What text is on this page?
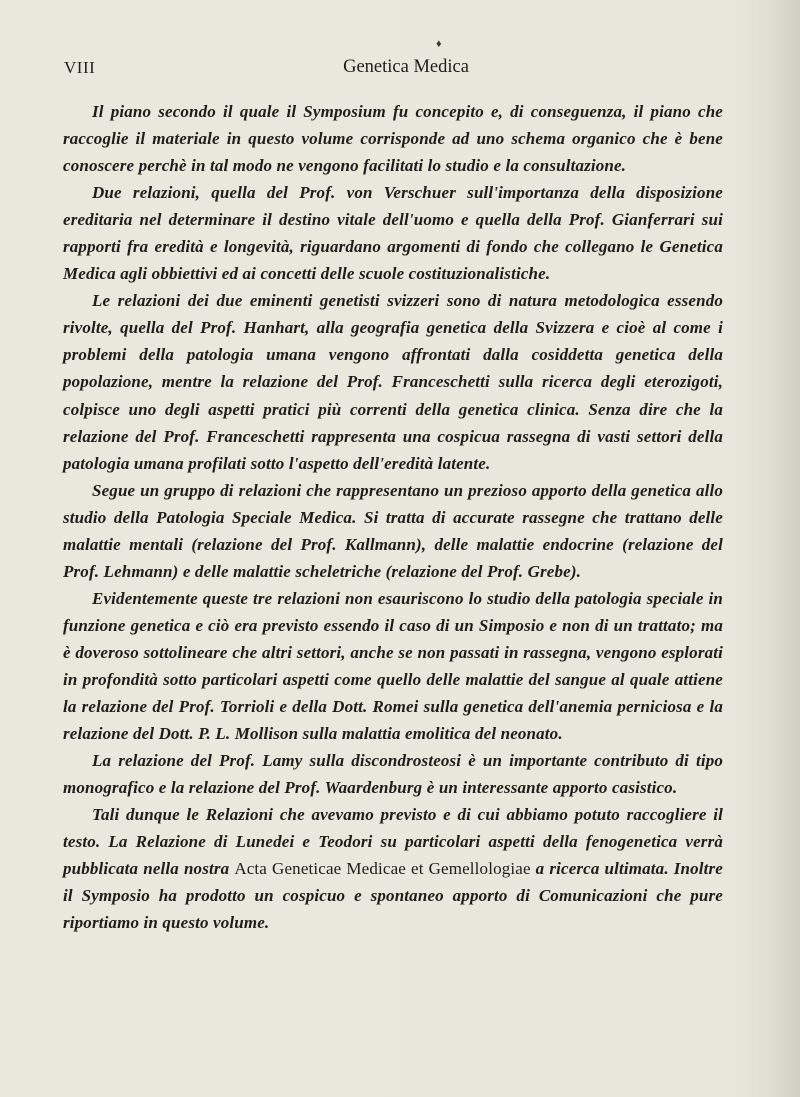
♦
VIII	Genetica Medica

Il piano secondo il quale il Symposium fu concepito e, di conseguenza, il piano che raccoglie il materiale in questo volume corrisponde ad uno schema organico che è bene conoscere perchè in tal modo ne vengono facilitati lo studio e la consultazione.

Due relazioni, quella del Prof. von Verschuer sull'importanza della disposizione ereditaria nel determinare il destino vitale dell'uomo e quella della Prof. Gianferrari sui rapporti fra eredità e longevità, riguardano argomenti di fondo che collegano le Genetica Medica agli obbiettivi ed ai concetti delle scuole costituzionalistiche.

Le relazioni dei due eminenti genetisti svizzeri sono di natura metodologica essendo rivolte, quella del Prof. Hanhart, alla geografia genetica della Svizzera e cioè al come i problemi della patologia umana vengono affrontati dalla cosiddetta genetica della popolazione, mentre la relazione del Prof. Franceschetti sulla ricerca degli eterozigoti, colpisce uno degli aspetti pratici più correnti della genetica clinica. Senza dire che la relazione del Prof. Franceschetti rappresenta una cospicua rassegna di vasti settori della patologia umana profilati sotto l'aspetto dell'eredità latente.

Segue un gruppo di relazioni che rappresentano un prezioso apporto della genetica allo studio della Patologia Speciale Medica. Si tratta di accurate rassegne che trattano delle malattie mentali (relazione del Prof. Kallmann), delle malattie endocrine (relazione del Prof. Lehmann) e delle malattie scheletriche (relazione del Prof. Grebe).

Evidentemente queste tre relazioni non esauriscono lo studio della patologia speciale in funzione genetica e ciò era previsto essendo il caso di un Simposio e non di un trattato; ma è doveroso sottolineare che altri settori, anche se non passati in rassegna, vengono esplorati in profondità sotto particolari aspetti come quello delle malattie del sangue al quale attiene la relazione del Prof. Torrioli e della Dott. Romei sulla genetica dell'anemia perniciosa e la relazione del Dott. P. L. Mollison sulla malattia emolitica del neonato.

La relazione del Prof. Lamy sulla discondrosteosi è un importante contributo di tipo monografico e la relazione del Prof. Waardenburg è un interessante apporto casistico.

Tali dunque le Relazioni che avevamo previsto e di cui abbiamo potuto raccogliere il testo. La Relazione di Lunedei e Teodori su particolari aspetti della fenogenetica verrà pubblicata nella nostra Acta Geneticae Medicae et Gemellologiae a ricerca ultimata. Inoltre il Symposio ha prodotto un cospicuo e spontaneo apporto di Comunicazioni che pure riportiamo in questo volume.
